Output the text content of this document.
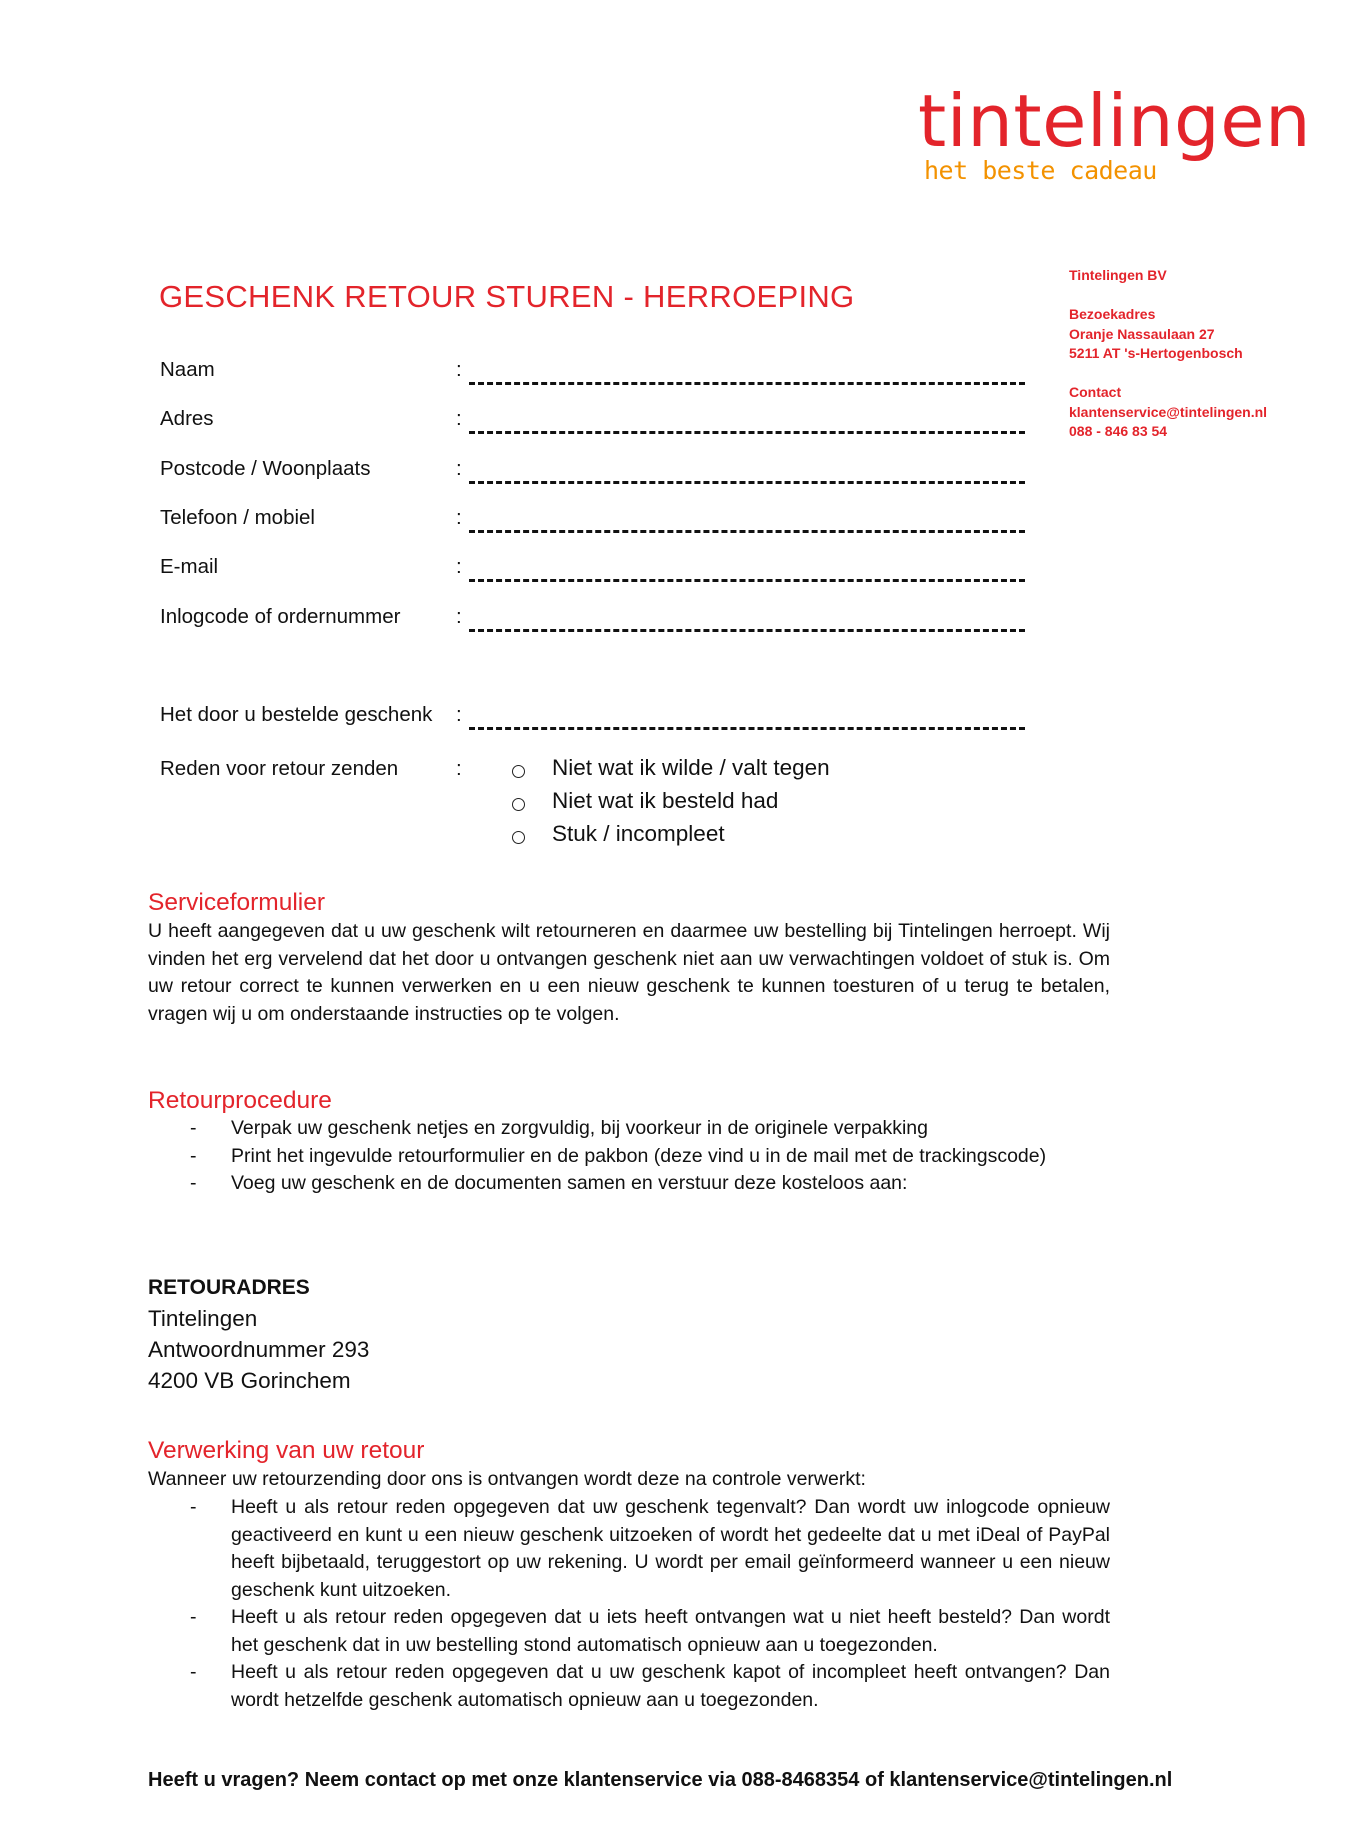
tintelingen
het beste cadeau
Tintelingen BV
Bezoekadres
Oranje Nassaulaan 27
5211 AT 's-Hertogenbosch
Contact
klantenservice@tintelingen.nl
088 - 846 83 54
GESCHENK RETOUR STUREN - HERROEPING
Naam	:
Adres	:
Postcode / Woonplaats	:
Telefoon / mobiel	:
E-mail	:
Inlogcode of ordernummer	:
Het door u bestelde geschenk :
Reden voor retour zenden	:	Niet wat ik wilde / valt tegen
Niet wat ik besteld had
Stuk / incompleet
Serviceformulier
U heeft aangegeven dat u uw geschenk wilt retourneren en daarmee uw bestelling bij Tintelingen herroept. Wij vinden het erg vervelend dat het door u ontvangen geschenk niet aan uw verwachtingen voldoet of stuk is. Om uw retour correct te kunnen verwerken en u een nieuw geschenk te kunnen toesturen of u terug te betalen, vragen wij u om onderstaande instructies op te volgen.
Retourprocedure
- Verpak uw geschenk netjes en zorgvuldig, bij voorkeur in de originele verpakking
- Print het ingevulde retourformulier en de pakbon (deze vind u in de mail met de trackingscode)
- Voeg uw geschenk en de documenten samen en verstuur deze kosteloos aan:
RETOURADRES
Tintelingen
Antwoordnummer 293
4200 VB Gorinchem
Verwerking van uw retour
Wanneer uw retourzending door ons is ontvangen wordt deze na controle verwerkt:
- Heeft u als retour reden opgegeven dat uw geschenk tegenvalt? Dan wordt uw inlogcode opnieuw geactiveerd en kunt u een nieuw geschenk uitzoeken of wordt het gedeelte dat u met iDeal of PayPal heeft bijbetaald, teruggestort op uw rekening. U wordt per email geïnformeerd wanneer u een nieuw geschenk kunt uitzoeken.
- Heeft u als retour reden opgegeven dat u iets heeft ontvangen wat u niet heeft besteld? Dan wordt het geschenk dat in uw bestelling stond automatisch opnieuw aan u toegezonden.
- Heeft u als retour reden opgegeven dat u uw geschenk kapot of incompleet heeft ontvangen? Dan wordt hetzelfde geschenk automatisch opnieuw aan u toegezonden.
Heeft u vragen? Neem contact op met onze klantenservice via 088-8468354 of klantenservice@tintelingen.nl
